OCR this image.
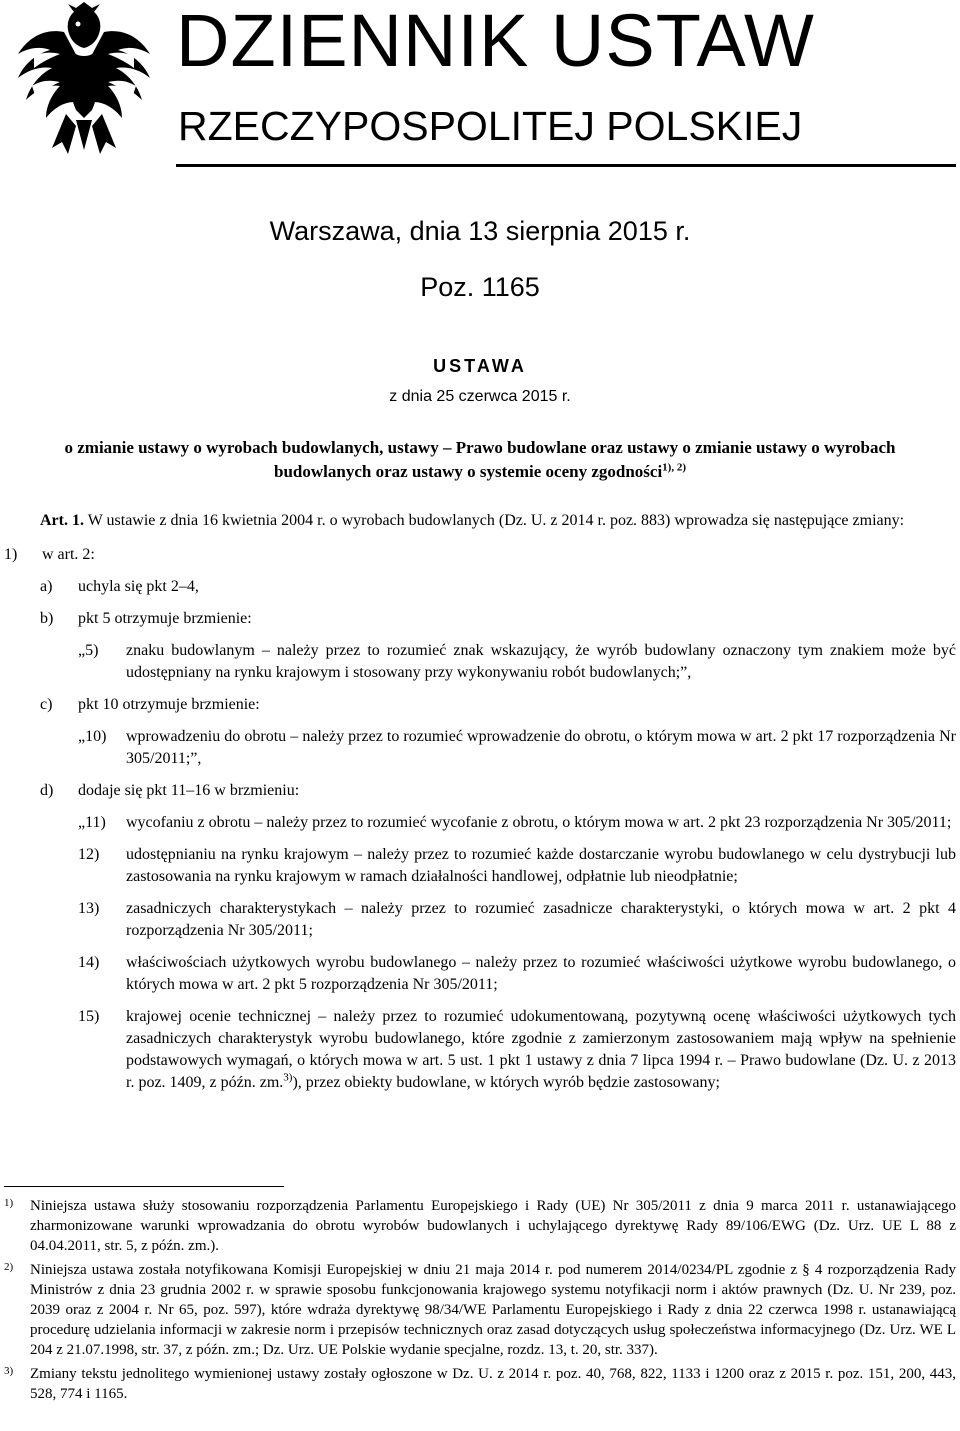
DZIENNIK USTAW
RZECZYPOSPOLITEJ POLSKIEJ
Warszawa, dnia 13 sierpnia 2015 r.
Poz. 1165
USTAWA
z dnia 25 czerwca 2015 r.
o zmianie ustawy o wyrobach budowlanych, ustawy – Prawo budowlane oraz ustawy o zmianie ustawy o wyrobach budowlanych oraz ustawy o systemie oceny zgodności$^{1), 2)}$

Art. 1. W ustawie z dnia 16 kwietnia 2004 r. o wyrobach budowlanych (Dz. U. z 2014 r. poz. 883) wprowadza się następujące zmiany:

1)	w art. 2:
a)	uchyla się pkt 2–4,
b)	pkt 5 otrzymuje brzmienie:
„5)	znaku budowlanym – należy przez to rozumieć znak wskazujący, że wyrób budowlany oznaczony tym znakiem może być udostępniany na rynku krajowym i stosowany przy wykonywaniu robót budowlanych;”,
c)	pkt 10 otrzymuje brzmienie:
„10)	wprowadzeniu do obrotu – należy przez to rozumieć wprowadzenie do obrotu, o którym mowa w art. 2 pkt 17 rozporządzenia Nr 305/2011;”,
d)	dodaje się pkt 11–16 w brzmieniu:
„11)	wycofaniu z obrotu – należy przez to rozumieć wycofanie z obrotu, o którym mowa w art. 2 pkt 23 rozporządzenia Nr 305/2011;
12)	udostępnianiu na rynku krajowym – należy przez to rozumieć każde dostarczanie wyrobu budowlanego w celu dystrybucji lub zastosowania na rynku krajowym w ramach działalności handlowej, odpłatnie lub nieodpłatnie;
13)	zasadniczych charakterystykach – należy przez to rozumieć zasadnicze charakterystyki, o których mowa w art. 2 pkt 4 rozporządzenia Nr 305/2011;
14)	właściwościach użytkowych wyrobu budowlanego – należy przez to rozumieć właściwości użytkowe wyrobu budowlanego, o których mowa w art. 2 pkt 5 rozporządzenia Nr 305/2011;
15)	krajowej ocenie technicznej – należy przez to rozumieć udokumentowaną, pozytywną ocenę właściwości użytkowych tych zasadniczych charakterystyk wyrobu budowlanego, które zgodnie z zamierzonym zastosowaniem mają wpływ na spełnienie podstawowych wymagań, o których mowa w art. 5 ust. 1 pkt 1 ustawy z dnia 7 lipca 1994 r. – Prawo budowlane (Dz. U. z 2013 r. poz. 1409, z późn. zm.$^{3)}$), przez obiekty budowlane, w których wyrób będzie zastosowany;
1)	Niniejsza ustawa służy stosowaniu rozporządzenia Parlamentu Europejskiego i Rady (UE) Nr 305/2011 z dnia 9 marca 2011 r. ustanawiającego zharmonizowane warunki wprowadzania do obrotu wyrobów budowlanych i uchylającego dyrektywę Rady 89/106/EWG (Dz. Urz. UE L 88 z 04.04.2011, str. 5, z późn. zm.).
2)	Niniejsza ustawa została notyfikowana Komisji Europejskiej w dniu 21 maja 2014 r. pod numerem 2014/0234/PL zgodnie z § 4 rozporządzenia Rady Ministrów z dnia 23 grudnia 2002 r. w sprawie sposobu funkcjonowania krajowego systemu notyfikacji norm i aktów prawnych (Dz. U. Nr 239, poz. 2039 oraz z 2004 r. Nr 65, poz. 597), które wdraża dyrektywę 98/34/WE Parlamentu Europejskiego i Rady z dnia 22 czerwca 1998 r. ustanawiającą procedurę udzielania informacji w zakresie norm i przepisów technicznych oraz zasad dotyczących usług społeczeństwa informacyjnego (Dz. Urz. WE L 204 z 21.07.1998, str. 37, z późn. zm.; Dz. Urz. UE Polskie wydanie specjalne, rozdz. 13, t. 20, str. 337).
3)	Zmiany tekstu jednolitego wymienionej ustawy zostały ogłoszone w Dz. U. z 2014 r. poz. 40, 768, 822, 1133 i 1200 oraz z 2015 r. poz. 151, 200, 443, 528, 774 i 1165.
